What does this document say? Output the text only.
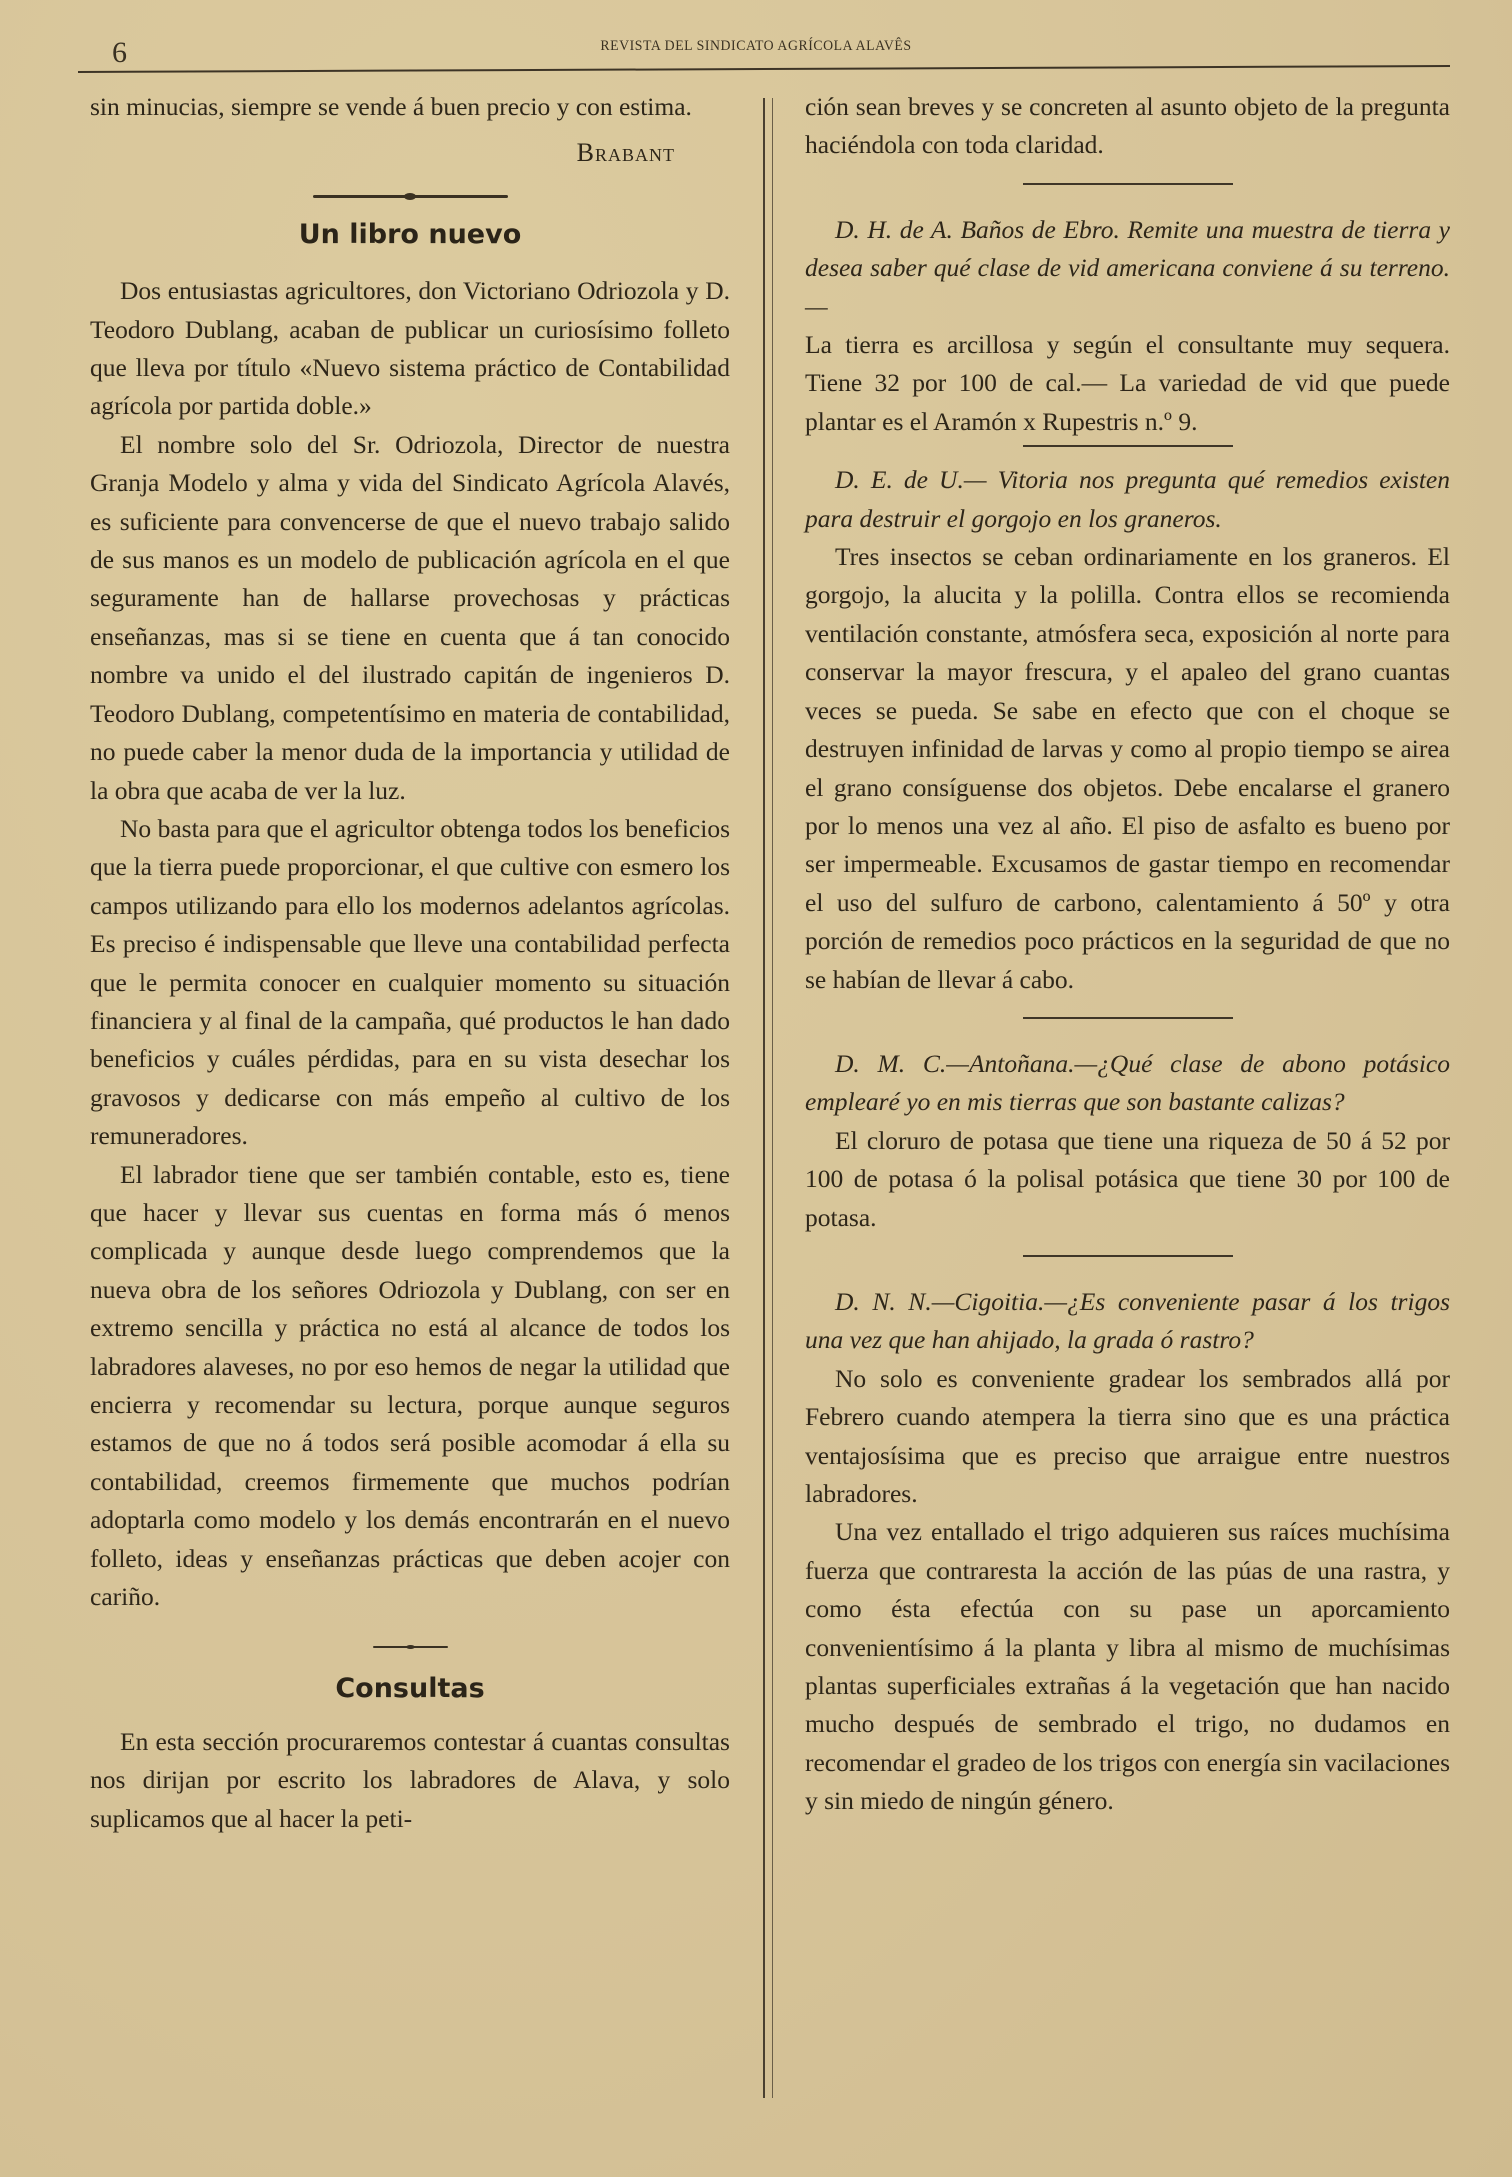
6	REVISTA DEL SINDICATO AGRÍCOLA ALAVÊS

sin minucias, siempre se vende á buen precio y con estima.

Brabant

Un libro nuevo

Dos entusiastas agricultores, don Victoriano Odriozola y D. Teodoro Dublang, acaban de publicar un curiosísimo folleto que lleva por título «Nuevo sistema práctico de Contabilidad agrícola por partida doble.»

El nombre solo del Sr. Odriozola, Director de nuestra Granja Modelo y alma y vida del Sindicato Agrícola Alavés, es suficiente para convencerse de que el nuevo trabajo salido de sus manos es un modelo de publicación agrícola en el que seguramente han de hallarse provechosas y prácticas enseñanzas, mas si se tiene en cuenta que á tan conocido nombre va unido el del ilustrado capitán de ingenieros D. Teodoro Dublang, competentísimo en materia de contabilidad, no puede caber la menor duda de la importancia y utilidad de la obra que acaba de ver la luz.

No basta para que el agricultor obtenga todos los beneficios que la tierra puede proporcionar, el que cultive con esmero los campos utilizando para ello los modernos adelantos agrícolas. Es preciso é indispensable que lleve una contabilidad perfecta que le permita conocer en cualquier momento su situación financiera y al final de la campaña, qué productos le han dado beneficios y cuáles pérdidas, para en su vista desechar los gravosos y dedicarse con más empeño al cultivo de los remuneradores.

El labrador tiene que ser también contable, esto es, tiene que hacer y llevar sus cuentas en forma más ó menos complicada y aunque desde luego comprendemos que la nueva obra de los señores Odriozola y Dublang, con ser en extremo sencilla y práctica no está al alcance de todos los labradores alaveses, no por eso hemos de negar la utilidad que encierra y recomendar su lectura, porque aunque seguros estamos de que no á todos será posible acomodar á ella su contabilidad, creemos firmemente que muchos podrían adoptarla como modelo y los demás encontrarán en el nuevo folleto, ideas y enseñanzas prácticas que deben acojer con cariño.

Consultas

En esta sección procuraremos contestar á cuantas consultas nos dirijan por escrito los labradores de Alava, y solo suplicamos que al hacer la peti-

ción sean breves y se concreten al asunto objeto de la pregunta haciéndola con toda claridad.

D. H. de A. Baños de Ebro. Remite una muestra de tierra y desea saber qué clase de vid americana conviene á su terreno.—

La tierra es arcillosa y según el consultante muy sequera. Tiene 32 por 100 de cal.— La variedad de vid que puede plantar es el Aramón x Rupestris n.º 9.

D. E. de U.— Vitoria nos pregunta qué remedios existen para destruir el gorgojo en los graneros.

Tres insectos se ceban ordinariamente en los graneros. El gorgojo, la alucita y la polilla. Contra ellos se recomienda ventilación constante, atmósfera seca, exposición al norte para conservar la mayor frescura, y el apaleo del grano cuantas veces se pueda. Se sabe en efecto que con el choque se destruyen infinidad de larvas y como al propio tiempo se airea el grano consíguense dos objetos. Debe encalarse el granero por lo menos una vez al año. El piso de asfalto es bueno por ser impermeable. Excusamos de gastar tiempo en recomendar el uso del sulfuro de carbono, calentamiento á 50º y otra porción de remedios poco prácticos en la seguridad de que no se habían de llevar á cabo.

D. M. C.—Antoñana.—¿Qué clase de abono potásico emplearé yo en mis tierras que son bastante calizas?

El cloruro de potasa que tiene una riqueza de 50 á 52 por 100 de potasa ó la polisal potásica que tiene 30 por 100 de potasa.

D. N. N.—Cigoitia.—¿Es conveniente pasar á los trigos una vez que han ahijado, la grada ó rastro?

No solo es conveniente gradear los sembrados allá por Febrero cuando atempera la tierra sino que es una práctica ventajosísima que es preciso que arraigue entre nuestros labradores.

Una vez entallado el trigo adquieren sus raíces muchísima fuerza que contraresta la acción de las púas de una rastra, y como ésta efectúa con su pase un aporcamiento convenientísimo á la planta y libra al mismo de muchísimas plantas superficiales extrañas á la vegetación que han nacido mucho después de sembrado el trigo, no dudamos en recomendar el gradeo de los trigos con energía sin vacilaciones y sin miedo de ningún género.
